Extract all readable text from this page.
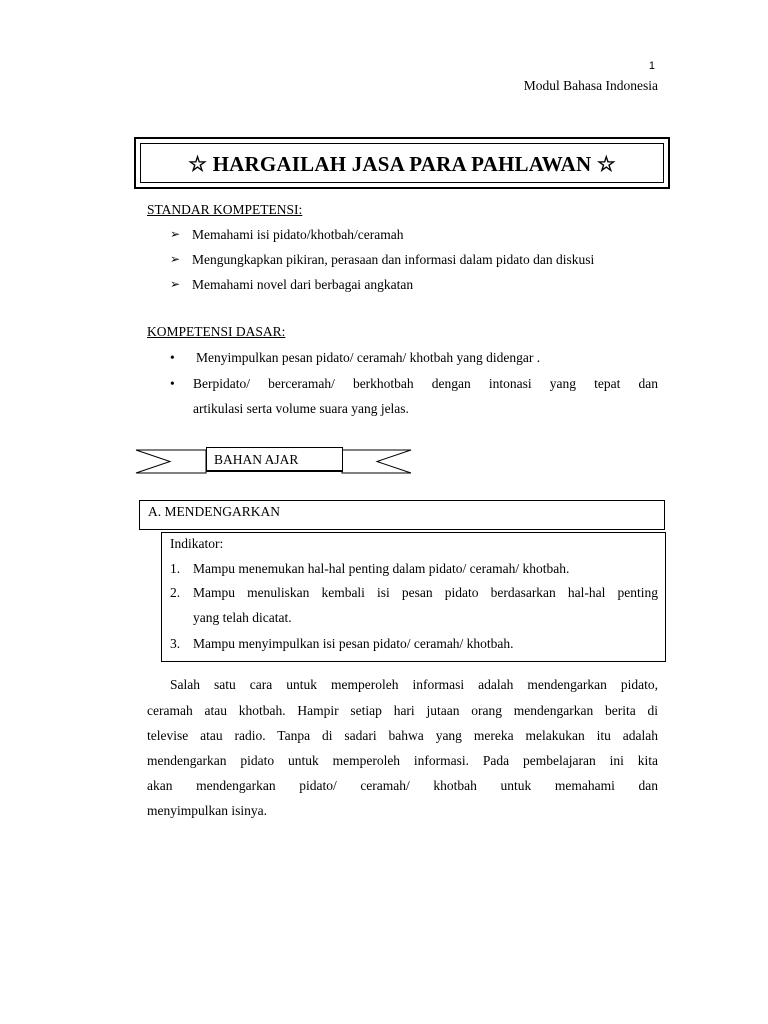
1
Modul Bahasa Indonesia
☆ HARGAILAH JASA PARA PAHLAWAN ☆
STANDAR KOMPETENSI:
➢ Memahami isi pidato/khotbah/ceramah
➢ Mengungkapkan pikiran, perasaan dan informasi dalam pidato dan diskusi
➢ Memahami novel dari berbagai angkatan
KOMPETENSI DASAR:
•	Menyimpulkan pesan pidato/ ceramah/ khotbah yang didengar .
•	Berpidato/ berceramah/ berkhotbah dengan intonasi yang tepat dan
artikulasi serta volume suara yang jelas.
BAHAN AJAR
A. MENDENGARKAN
Indikator:
1. Mampu menemukan hal-hal penting dalam pidato/ ceramah/ khotbah.
2. Mampu menuliskan kembali isi pesan pidato berdasarkan hal-hal penting
yang telah dicatat.
3. Mampu menyimpulkan isi pesan pidato/ ceramah/ khotbah.
Salah satu cara untuk memperoleh informasi adalah mendengarkan pidato,
ceramah atau khotbah. Hampir setiap hari jutaan orang mendengarkan berita di
televise atau radio. Tanpa di sadari bahwa yang mereka melakukan itu adalah
mendengarkan pidato untuk memperoleh informasi. Pada pembelajaran ini kita
akan mendengarkan pidato/ ceramah/ khotbah untuk memahami dan
menyimpulkan isinya.
